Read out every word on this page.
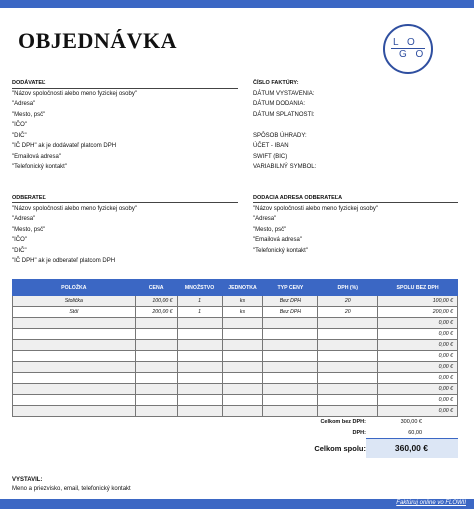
OBJEDNÁVKA	L O
G O
DODÁVATEĽ
"Názov spoločnosti alebo meno fyzickej osoby"
"Adresa"
"Mesto, psč"
"IČO"
"DIČ"
"IČ DPH" ak je dodávateľ platcom DPH
"Emailová adresa"
"Telefonický kontakt"
ČÍSLO FAKTÚRY:
DÁTUM VYSTAVENIA:
DÁTUM DODANIA:
DÁTUM SPLATNOSTI:
SPÔSOB ÚHRADY:
ÚČET - IBAN
SWIFT (BIC)
VARIABILNÝ SYMBOL:
ODBERATEĽ
"Názov spoločnosti alebo meno fyzickej osoby"
"Adresa"
"Mesto, psč"
"IČO"
"DIČ"
"IČ DPH" ak je odberateľ platcom DPH
DODACIA ADRESA ODBERATEĽA
"Názov spoločnosti alebo meno fyzickej osoby"
"Adresa"
"Mesto, psč"
"Emailová adresa"
"Telefonický kontakt"
POLOŽKA	CENA	MNOŽSTVO	JEDNOTKA	TYP CENY	DPH (%)	SPOLU BEZ DPH
Stolička	100,00 €	1	ks	Bez DPH	20	100,00 €
Stôl	200,00 €	1	ks	Bez DPH	20	200,00 €
						0,00 €
						0,00 €
						0,00 €
						0,00 €
						0,00 €
						0,00 €
						0,00 €
						0,00 €
						0,00 €
Celkom bez DPH:	300,00 €
DPH:	60,00
Celkom spolu:	360,00 €
VYSTAVIL:
Meno a priezvisko, email, telefonický kontakt
Faktúruj online vo FLOWII
